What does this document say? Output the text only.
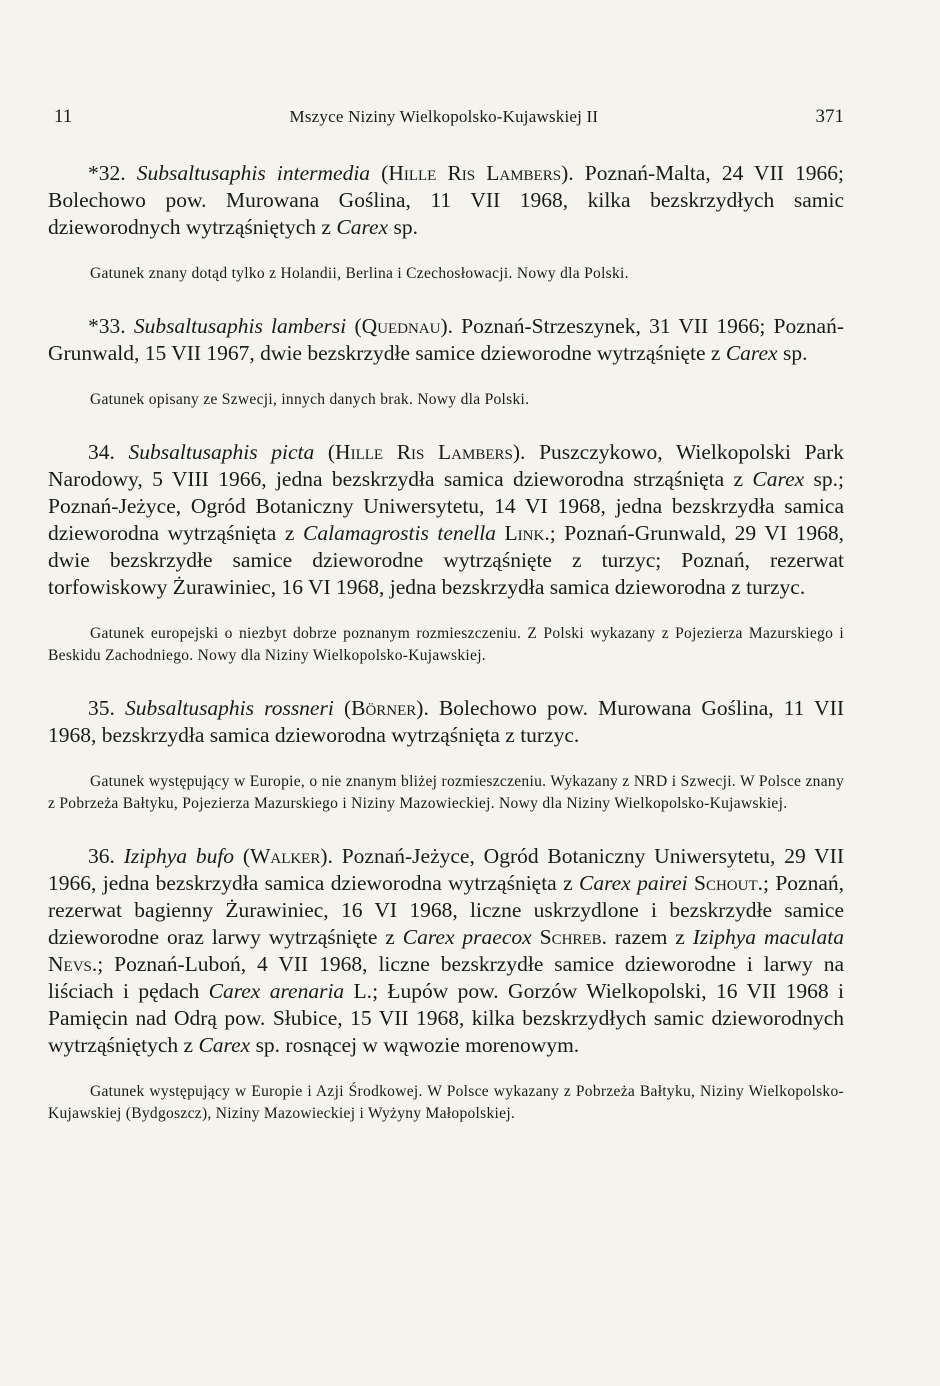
11	Mszyce Niziny Wielkopolsko-Kujawskiej II	371

*32. Subsaltusaphis intermedia (Hille Ris Lambers). Poznań-Malta, 24 VII 1966; Bolechowo pow. Murowana Goślina, 11 VII 1968, kilka bezskrzydłych samic dzieworodnych wytrząśniętych z Carex sp.

Gatunek znany dotąd tylko z Holandii, Berlina i Czechosłowacji. Nowy dla Polski.

*33. Subsaltusaphis lambersi (Quednau). Poznań-Strzeszynek, 31 VII 1966; Poznań-Grunwald, 15 VII 1967, dwie bezskrzydłe samice dzieworodne wytrząśnięte z Carex sp.

Gatunek opisany ze Szwecji, innych danych brak. Nowy dla Polski.

34. Subsaltusaphis picta (Hille Ris Lambers). Puszczykowo, Wielkopolski Park Narodowy, 5 VIII 1966, jedna bezskrzydła samica dzieworodna strząśnięta z Carex sp.; Poznań-Jeżyce, Ogród Botaniczny Uniwersytetu, 14 VI 1968, jedna bezskrzydła samica dzieworodna wytrząśnięta z Calamagrostis tenella Link.; Poznań-Grunwald, 29 VI 1968, dwie bezskrzydłe samice dzieworodne wytrząśnięte z turzyc; Poznań, rezerwat torfowiskowy Żurawiniec, 16 VI 1968, jedna bezskrzydła samica dzieworodna z turzyc.

Gatunek europejski o niezbyt dobrze poznanym rozmieszczeniu. Z Polski wykazany z Pojezierza Mazurskiego i Beskidu Zachodniego. Nowy dla Niziny Wielkopolsko-Kujawskiej.

35. Subsaltusaphis rossneri (Börner). Bolechowo pow. Murowana Goślina, 11 VII 1968, bezskrzydła samica dzieworodna wytrząśnięta z turzyc.

Gatunek występujący w Europie, o nie znanym bliżej rozmieszczeniu. Wykazany z NRD i Szwecji. W Polsce znany z Pobrzeża Bałtyku, Pojezierza Mazurskiego i Niziny Mazowieckiej. Nowy dla Niziny Wielkopolsko-Kujawskiej.

36. Iziphya bufo (Walker). Poznań-Jeżyce, Ogród Botaniczny Uniwersytetu, 29 VII 1966, jedna bezskrzydła samica dzieworodna wytrząśnięta z Carex pairei Schout.; Poznań, rezerwat bagienny Żurawiniec, 16 VI 1968, liczne uskrzydlone i bezskrzydłe samice dzieworodne oraz larwy wytrząśnięte z Carex praecox Schreb. razem z Iziphya maculata Nevs.; Poznań-Luboń, 4 VII 1968, liczne bezskrzydłe samice dzieworodne i larwy na liściach i pędach Carex arenaria L.; Łupów pow. Gorzów Wielkopolski, 16 VII 1968 i Pamięcin nad Odrą pow. Słubice, 15 VII 1968, kilka bezskrzydłych samic dzieworodnych wytrząśniętych z Carex sp. rosnącej w wąwozie morenowym.

Gatunek występujący w Europie i Azji Środkowej. W Polsce wykazany z Pobrzeża Bałtyku, Niziny Wielkopolsko-Kujawskiej (Bydgoszcz), Niziny Mazowieckiej i Wyżyny Małopolskiej.
